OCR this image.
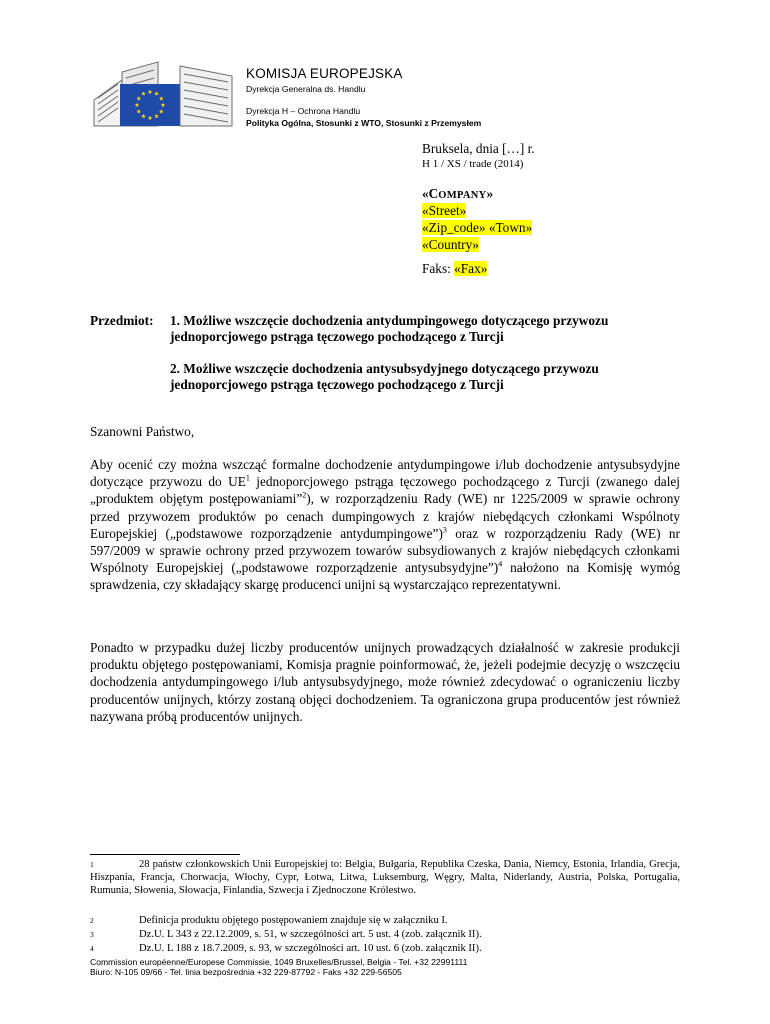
KOMISJA EUROPEJSKA
Dyrekcja Generalna ds. Handlu
Dyrekcja H – Ochrona Handlu
Polityka Ogólna, Stosunki z WTO, Stosunki z Przemysłem
Bruksela, dnia […] r.
H 1 / XS / trade (2014)
«COMPANY»
«Street»
«Zip_code» «Town»
«Country»
Faks: «Fax»
Przedmiot: 1. Możliwe wszczęcie dochodzenia antydumpingowego dotyczącego przywozu jednoporcjowego pstrąga tęczowego pochodzącego z Turcji
2. Możliwe wszczęcie dochodzenia antysubsydyjnego dotyczącego przywozu jednoporcjowego pstrąga tęczowego pochodzącego z Turcji
Szanowni Państwo,
Aby ocenić czy można wszcząć formalne dochodzenie antydumpingowe i/lub dochodzenie antysubsydyjne dotyczące przywozu do $UE^1$ jednoporcjowego pstrąga tęczowego pochodzącego z Turcji (zwanego dalej „produktem objętym postępowaniami”$^2$), w rozporządzeniu Rady (WE) nr 1225/2009 w sprawie ochrony przed przywozem produktów po cenach dumpingowych z krajów niebędących członkami Wspólnoty Europejskiej („podstawowe rozporządzenie antydumpingowe”)$^3$ oraz w rozporządzeniu Rady (WE) nr 597/2009 w sprawie ochrony przed przywozem towarów subsydiowanych z krajów niebędących członkami Wspólnoty Europejskiej („podstawowe rozporządzenie antysubsydyjne”)$^4$ nałożono na Komisję wymóg sprawdzenia, czy składający skargę producenci unijni są wystarczająco reprezentatywni.
Ponadto w przypadku dużej liczby producentów unijnych prowadzących działalność w zakresie produkcji produktu objętego postępowaniami, Komisja pragnie poinformować, że, jeżeli podejmie decyzję o wszczęciu dochodzenia antydumpingowego i/lub antysubsydyjnego, może również zdecydować o ograniczeniu liczby producentów unijnych, którzy zostaną objęci dochodzeniem. Ta ograniczona grupa producentów jest również nazywana próbą producentów unijnych.
1	28 państw członkowskich Unii Europejskiej to: Belgia, Bułgaria, Republika Czeska, Dania, Niemcy, Estonia, Irlandia, Grecja, Hiszpania, Francja, Chorwacja, Włochy, Cypr, Łotwa, Litwa, Luksemburg, Węgry, Malta, Niderlandy, Austria, Polska, Portugalia, Rumunia, Słowenia, Słowacja, Finlandia, Szwecja i Zjednoczone Królestwo.
2	Definicja produktu objętego postępowaniem znajduje się w załączniku I.
3	Dz.U. L 343 z 22.12.2009, s. 51, w szczególności art. 5 ust. 4 (zob. załącznik II).
4	Dz.U. L 188 z 18.7.2009, s. 93, w szczególności art. 10 ust. 6 (zob. załącznik II).
Commission européenne/Europese Commissie, 1049 Bruxelles/Brussel, Belgia - Tel. +32 22991111
Biuro: N-105 09/66 - Tel. linia bezpośrednia +32 229-87792 - Faks +32 229-56505
